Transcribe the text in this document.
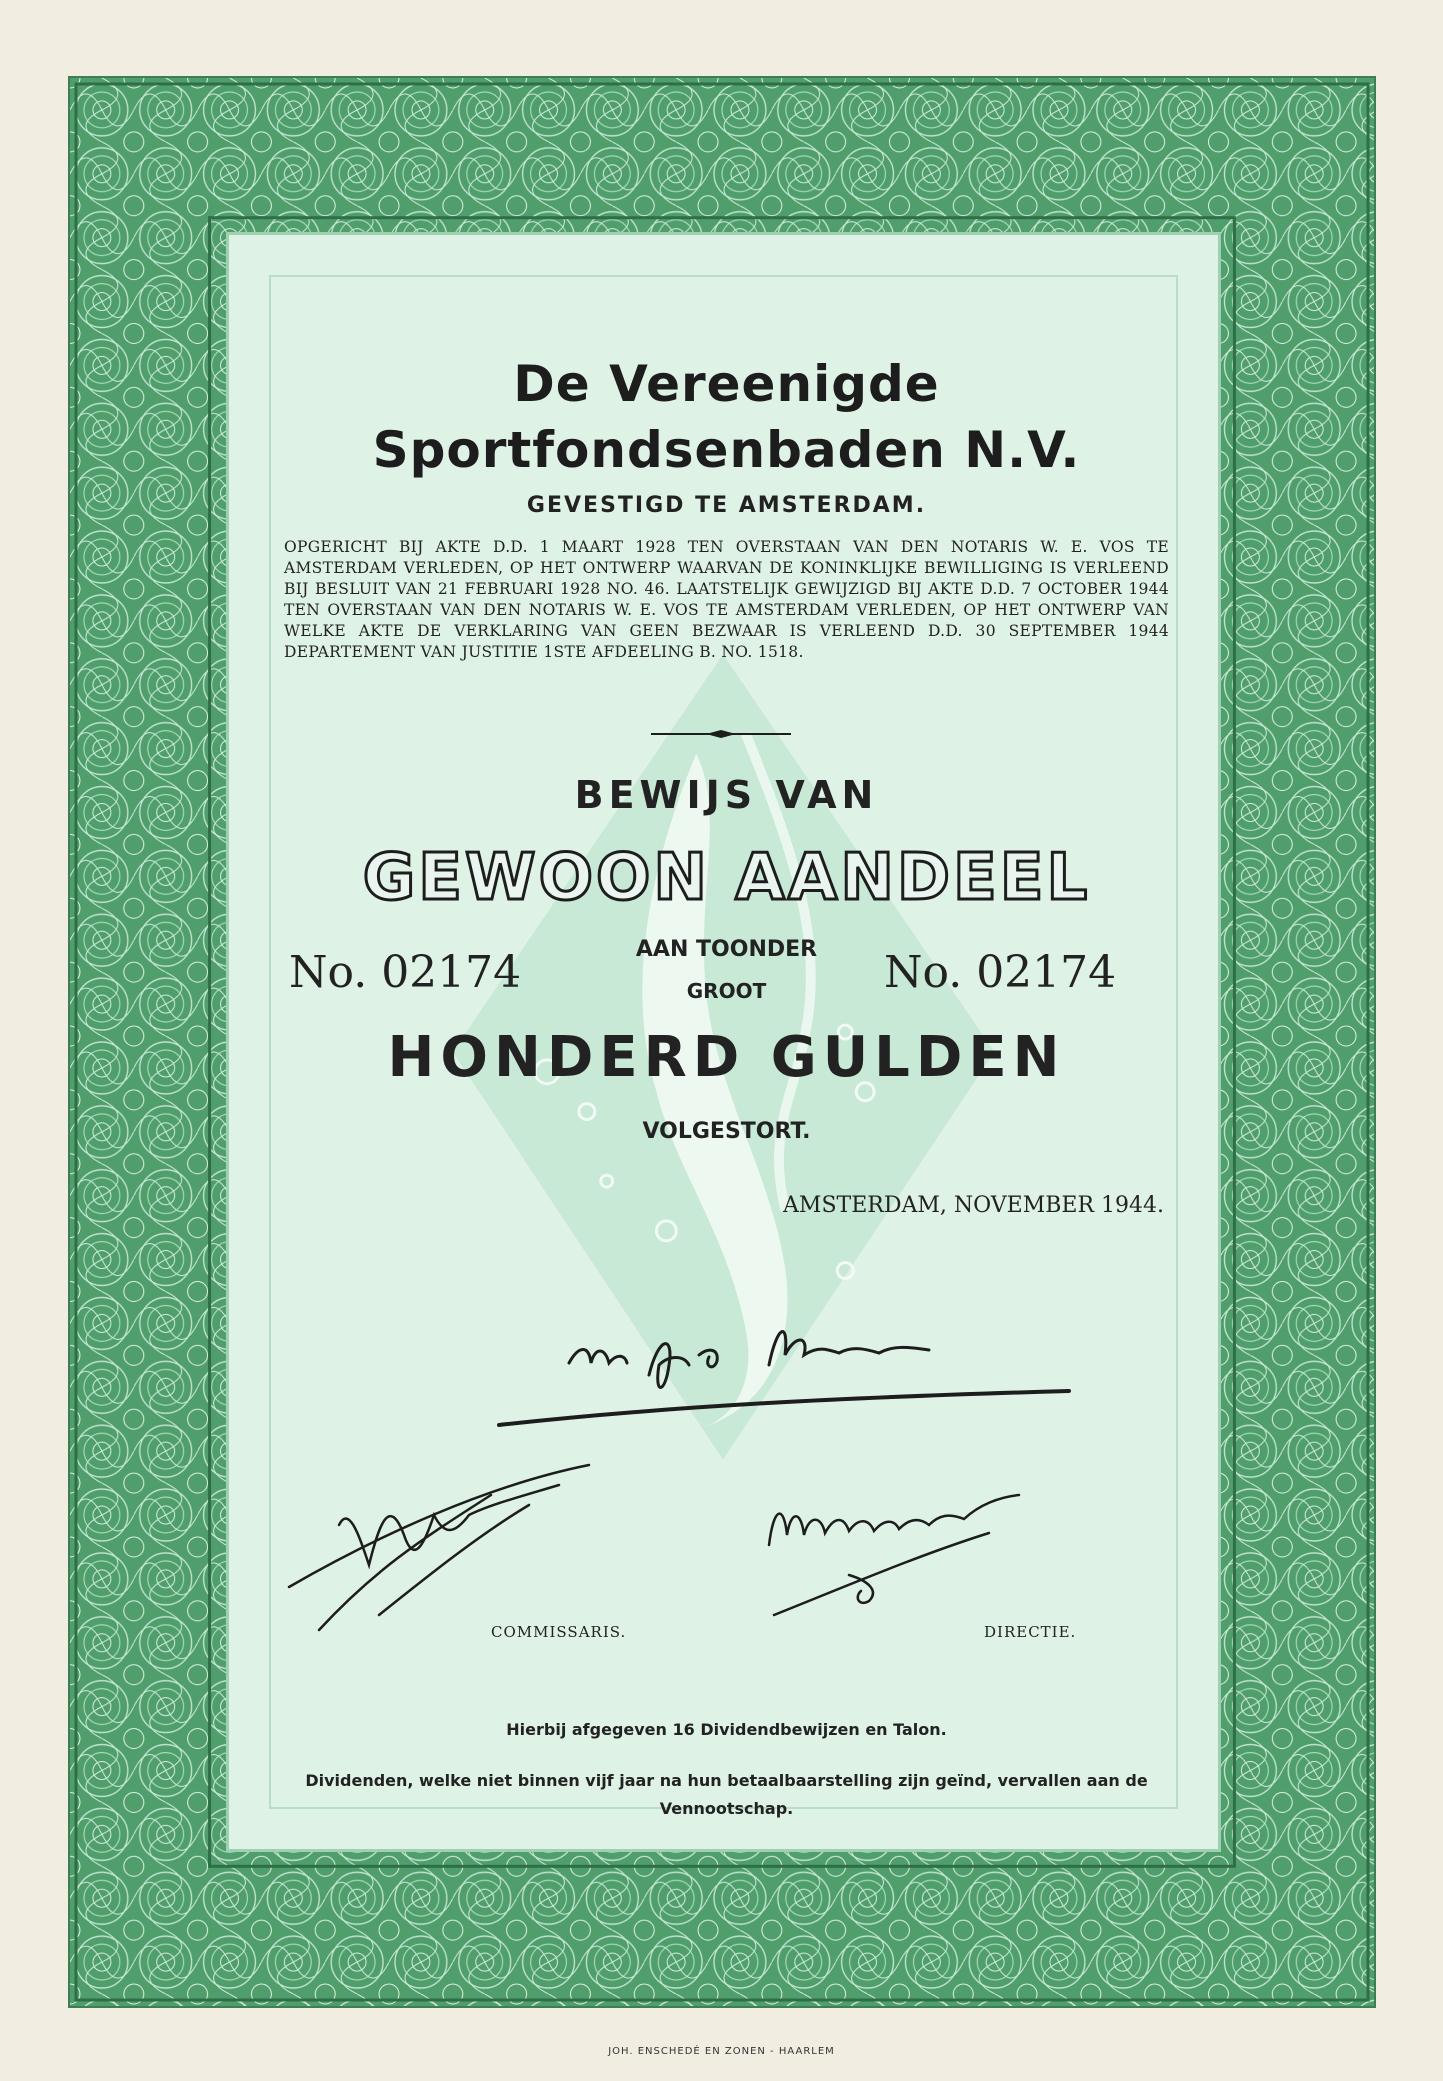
De Vereenigde
Sportfondsenbaden N.V.
GEVESTIGD TE AMSTERDAM.
OPGERICHT BIJ AKTE D.D. 1 MAART 1928 TEN OVERSTAAN VAN DEN NOTARIS W. E. VOS TE AMSTERDAM VERLEDEN, OP HET ONTWERP WAARVAN DE KONINKLIJKE BEWILLIGING IS VERLEEND BIJ BESLUIT VAN 21 FEBRUARI 1928 NO. 46. LAATSTELIJK GEWIJZIGD BIJ AKTE D.D. 7 OCTOBER 1944 TEN OVERSTAAN VAN DEN NOTARIS W. E. VOS TE AMSTERDAM VERLEDEN, OP HET ONTWERP VAN WELKE AKTE DE VERKLARING VAN GEEN BEZWAAR IS VERLEEND D.D. 30 SEPTEMBER 1944 DEPARTEMENT VAN JUSTITIE 1STE AFDEELING B. NO. 1518.
BEWIJS VAN
GEWOON AANDEEL
No. 02174	AAN TOONDER
GROOT	No. 02174
HONDERD GULDEN
VOLGESTORT.
AMSTERDAM, NOVEMBER 1944.
COMMISSARIS.	DIRECTIE.
Hierbij afgegeven 16 Dividendbewijzen en Talon.
Dividenden, welke niet binnen vijf jaar na hun betaalbaarstelling zijn geïnd, vervallen aan de Vennootschap.
JOH. ENSCHEDÉ EN ZONEN - HAARLEM
